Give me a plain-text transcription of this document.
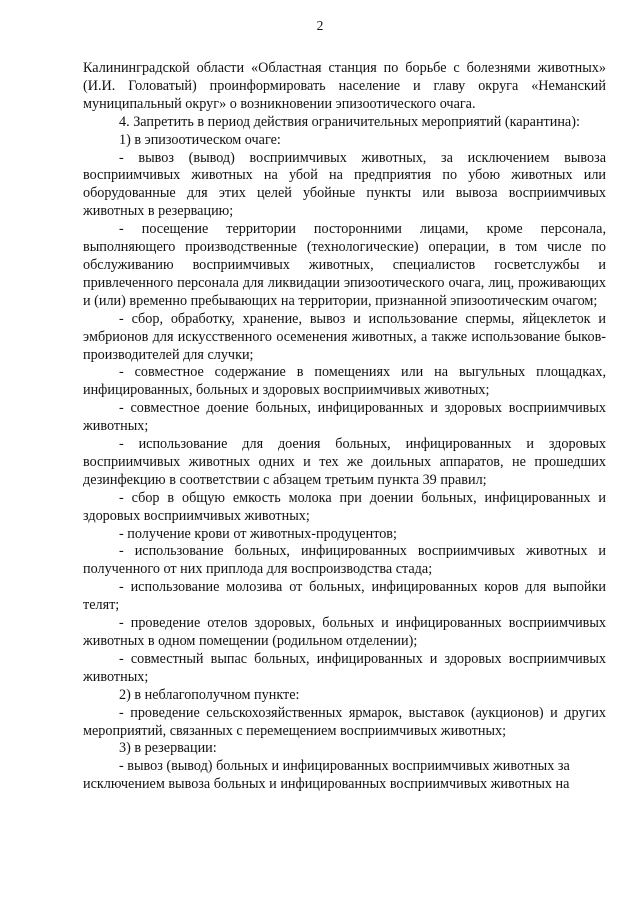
2

Калининградской области «Областная станция по борьбе с болезнями животных» (И.И. Головатый) проинформировать население и главу округа «Неманский муниципальный округ» о возникновении эпизоотического очага.

4. Запретить в период действия ограничительных мероприятий (карантина):

1) в эпизоотическом очаге:

- вывоз (вывод) восприимчивых животных, за исключением вывоза восприимчивых животных на убой на предприятия по убою животных или оборудованные для этих целей убойные пункты или вывоза восприимчивых животных в резервацию;

- посещение территории посторонними лицами, кроме персонала, выполняющего производственные (технологические) операции, в том числе по обслуживанию восприимчивых животных, специалистов госветслужбы и привлеченного персонала для ликвидации эпизоотического очага, лиц, проживающих и (или) временно пребывающих на территории, признанной эпизоотическим очагом;

- сбор, обработку, хранение, вывоз и использование спермы, яйцеклеток и эмбрионов для искусственного осеменения животных, а также использование быков-производителей для случки;

- совместное содержание в помещениях или на выгульных площадках, инфицированных, больных и здоровых восприимчивых животных;

- совместное доение больных, инфицированных и здоровых восприимчивых животных;

- использование для доения больных, инфицированных и здоровых восприимчивых животных одних и тех же доильных аппаратов, не прошедших дезинфекцию в соответствии с абзацем третьим пункта 39 правил;

- сбор в общую емкость молока при доении больных, инфицированных и здоровых восприимчивых животных;

- получение крови от животных-продуцентов;

- использование больных, инфицированных восприимчивых животных и полученного от них приплода для воспроизводства стада;

- использование молозива от больных, инфицированных коров для выпойки телят;

- проведение отелов здоровых, больных и инфицированных восприимчивых животных в одном помещении (родильном отделении);

- совместный выпас больных, инфицированных и здоровых восприимчивых животных;

2) в неблагополучном пункте:

- проведение сельскохозяйственных ярмарок, выставок (аукционов) и других мероприятий, связанных с перемещением восприимчивых животных;

3) в резервации:

- вывоз (вывод) больных и инфицированных восприимчивых животных за исключением вывоза больных и инфицированных восприимчивых животных на
